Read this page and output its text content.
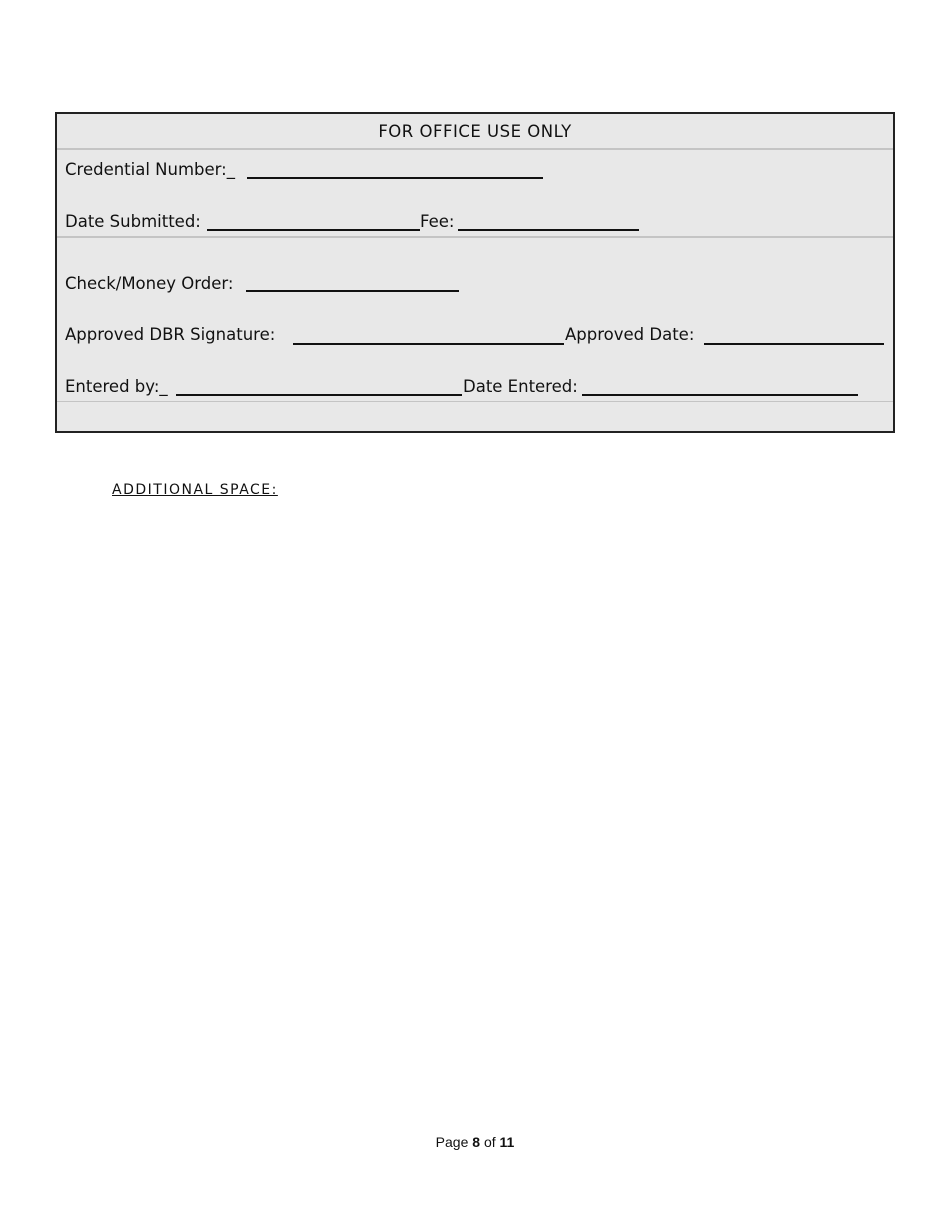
FOR OFFICE USE ONLY
Credential Number:_
Date Submitted:	Fee:
Check/Money Order:
Approved DBR Signature:	Approved Date:
Entered by:_	Date Entered:
ADDITIONAL SPACE:
Page 8 of 11
